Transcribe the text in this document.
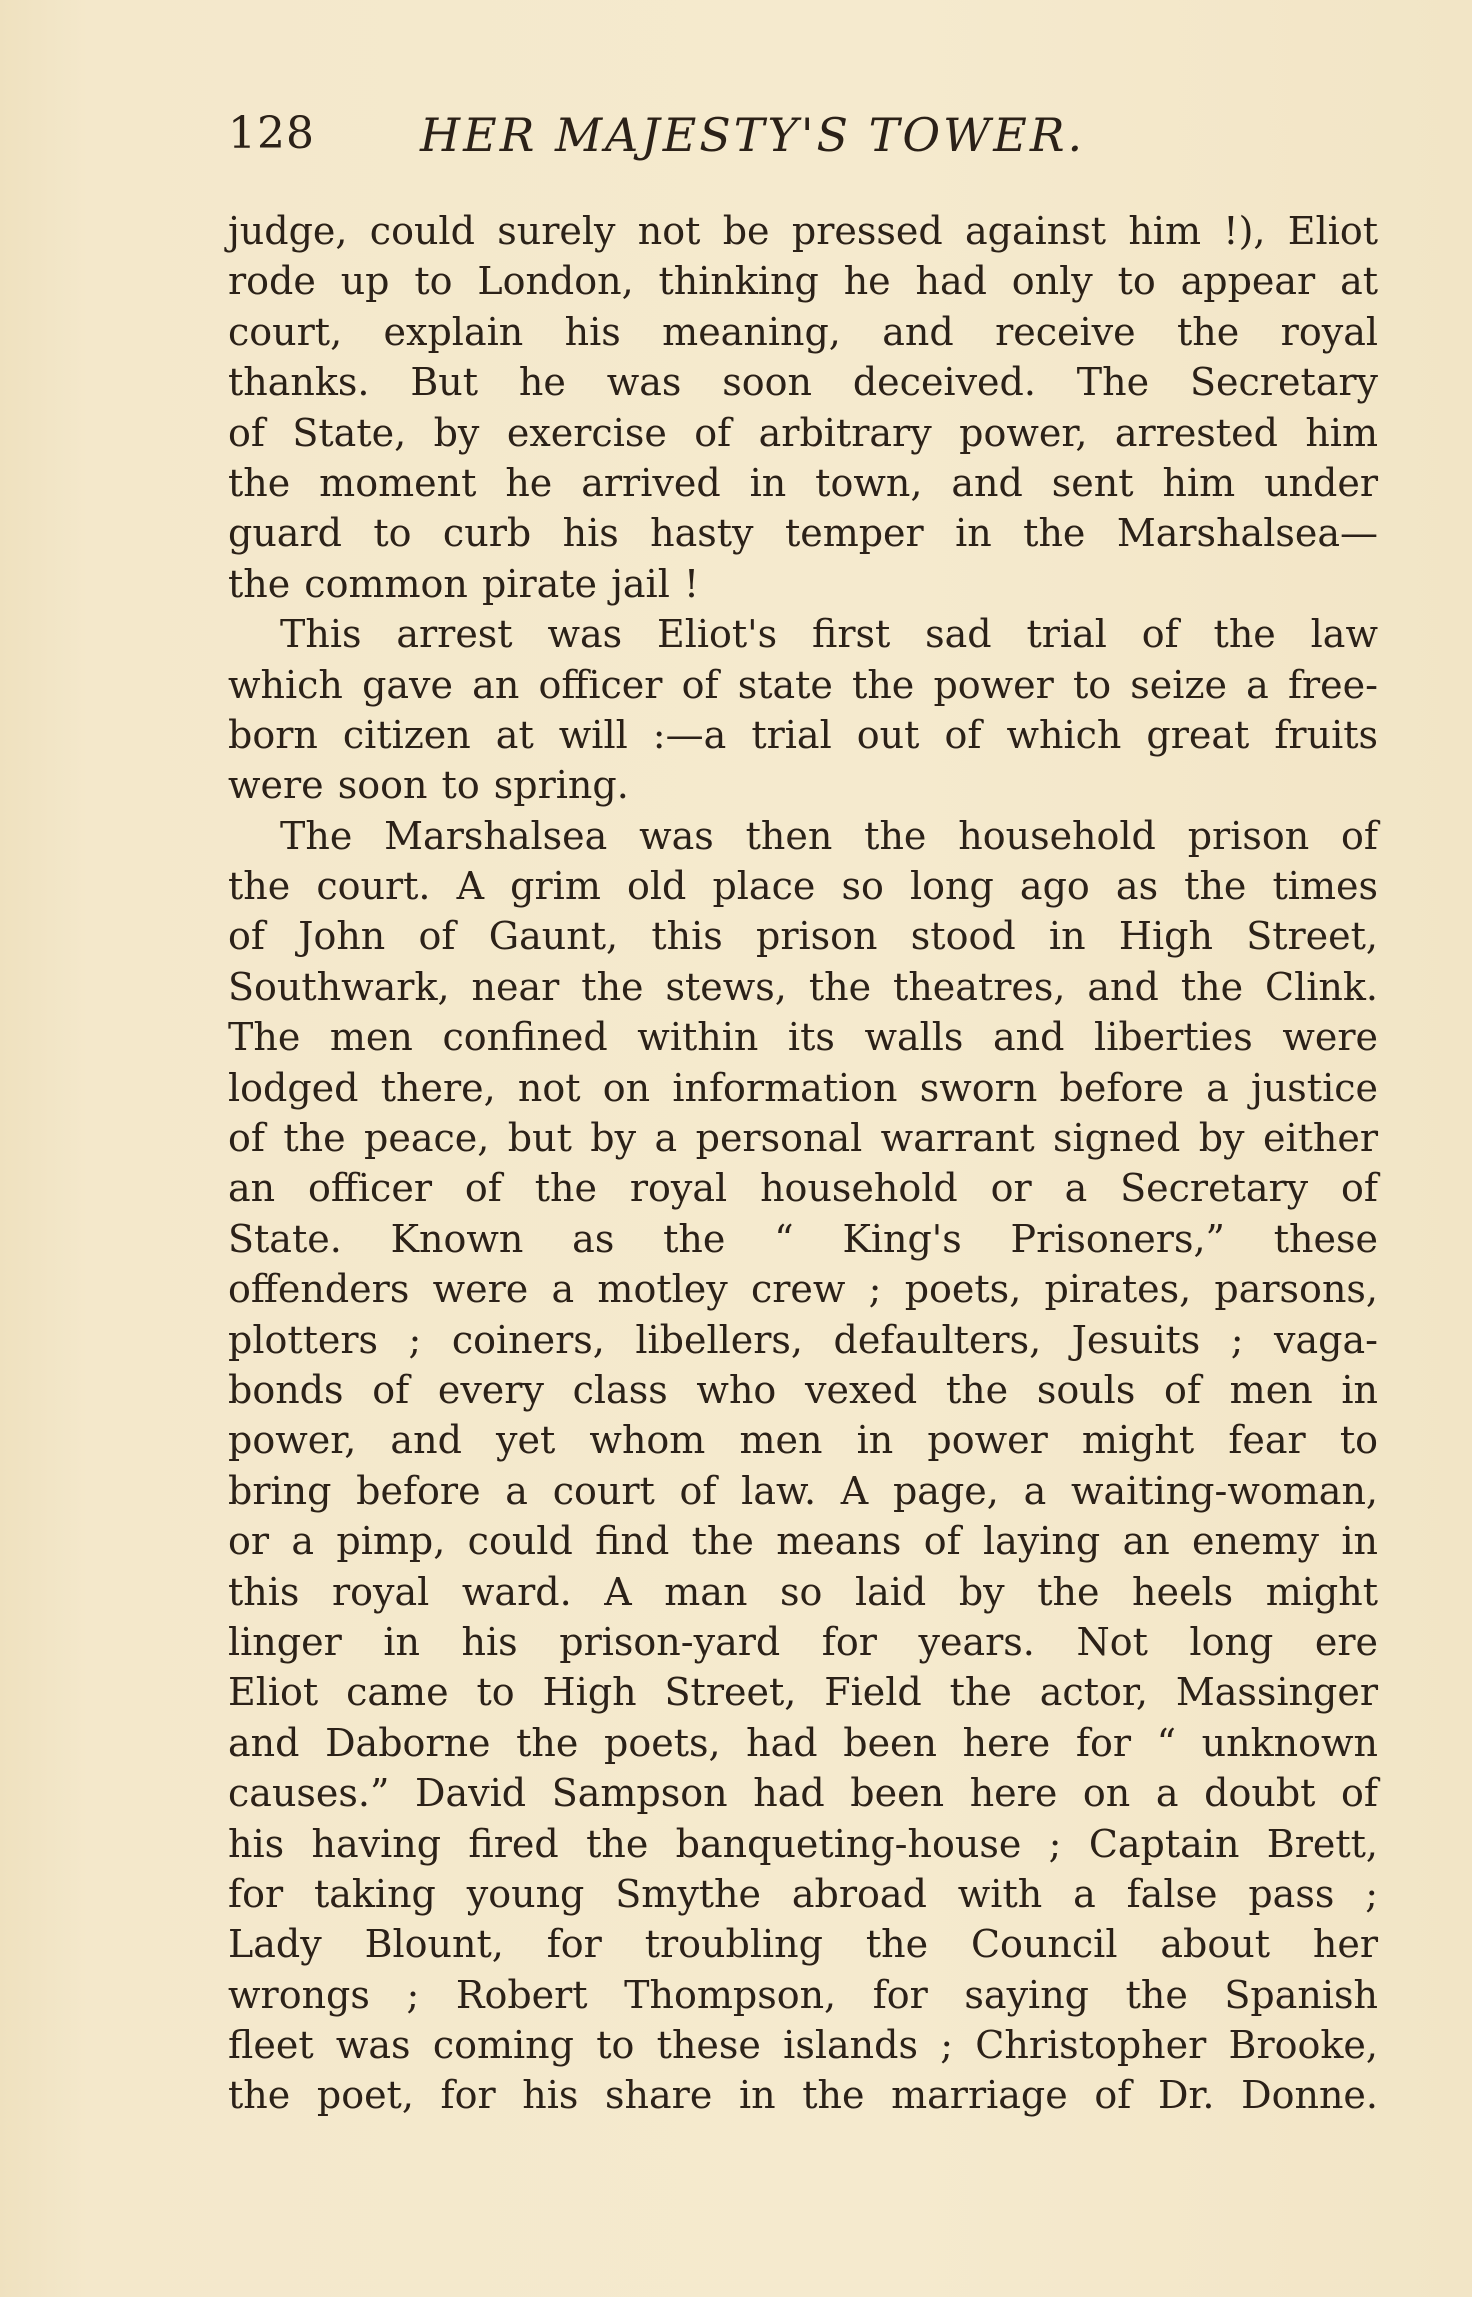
128 HER MAJESTY'S TOWER.
judge, could surely not be pressed against him !), Eliot
rode up to London, thinking he had only to appear at
court, explain his meaning, and receive the royal
thanks. But he was soon deceived. The Secretary
of State, by exercise of arbitrary power, arrested him
the moment he arrived in town, and sent him under
guard to curb his hasty temper in the Marshalsea—
the common pirate jail !
This arrest was Eliot's first sad trial of the law
which gave an officer of state the power to seize a free-
born citizen at will :—a trial out of which great fruits
were soon to spring.
The Marshalsea was then the household prison of
the court. A grim old place so long ago as the times
of John of Gaunt, this prison stood in High Street,
Southwark, near the stews, the theatres, and the Clink.
The men confined within its walls and liberties were
lodged there, not on information sworn before a justice
of the peace, but by a personal warrant signed by either
an officer of the royal household or a Secretary of
State. Known as the “ King's Prisoners,” these
offenders were a motley crew ; poets, pirates, parsons,
plotters ; coiners, libellers, defaulters, Jesuits ; vaga-
bonds of every class who vexed the souls of men in
power, and yet whom men in power might fear to
bring before a court of law. A page, a waiting-woman,
or a pimp, could find the means of laying an enemy in
this royal ward. A man so laid by the heels might
linger in his prison-yard for years. Not long ere
Eliot came to High Street, Field the actor, Massinger
and Daborne the poets, had been here for “ unknown
causes.” David Sampson had been here on a doubt of
his having fired the banqueting-house ; Captain Brett,
for taking young Smythe abroad with a false pass ;
Lady Blount, for troubling the Council about her
wrongs ; Robert Thompson, for saying the Spanish
fleet was coming to these islands ; Christopher Brooke,
the poet, for his share in the marriage of Dr. Donne.
